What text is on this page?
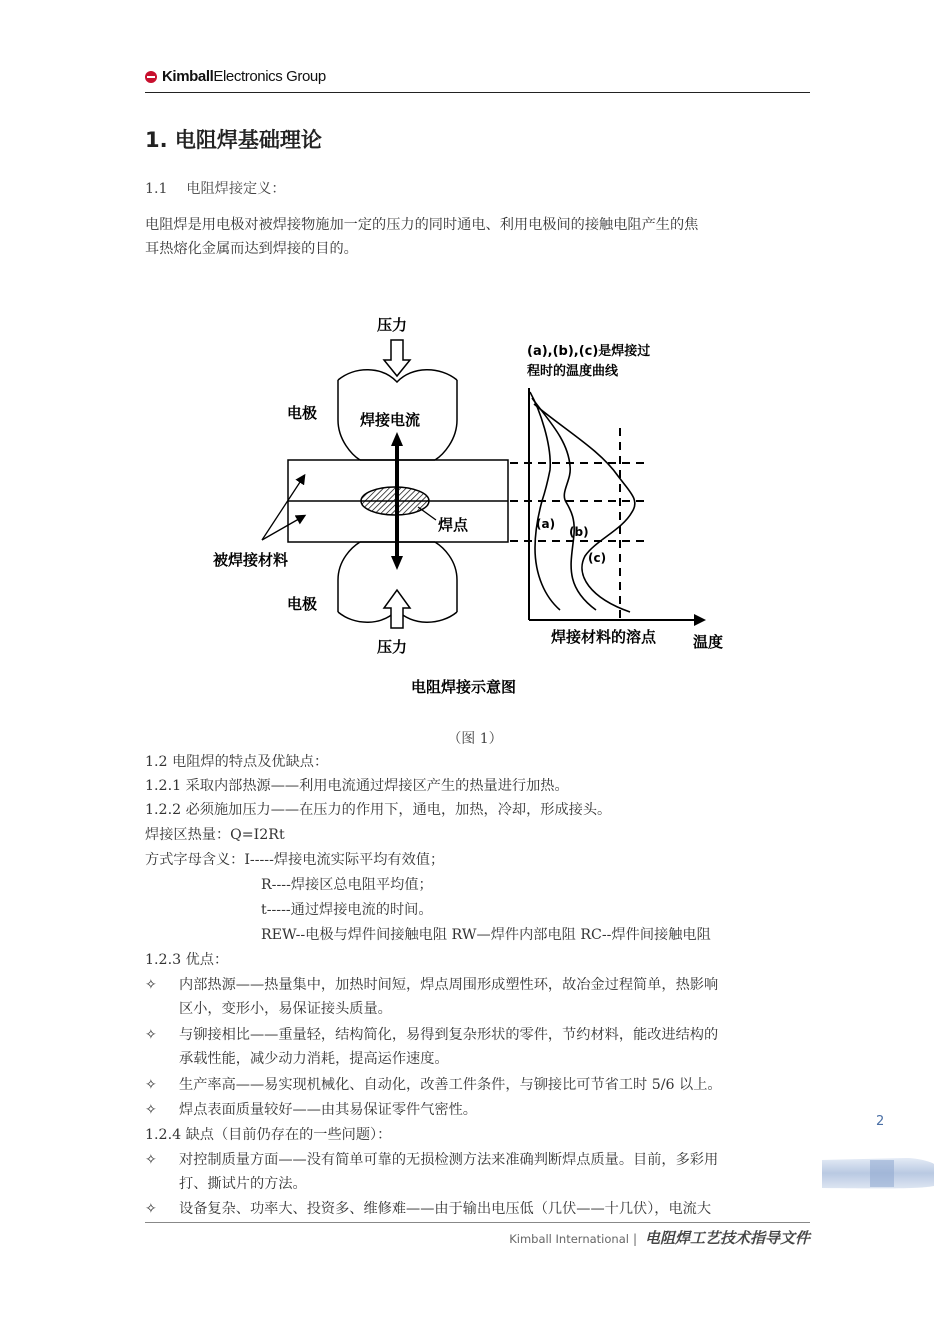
KimballElectronics Group
1. 电阻焊基础理论
1.1　 电阻焊接定义：
电阻焊是用电极对被焊接物施加一定的压力的同时通电、利用电极间的接触电阻产生的焦
耳热熔化金属而达到焊接的目的。
压力
电极	焊接电流
焊点
被焊接材料
电极
压力
(a),(b),(c)是焊接过
程时的温度曲线
(a)
(b)
(c)
焊接材料的溶点 温度
电阻焊接示意图
（图 1）
1.2 电阻焊的特点及优缺点：
1.2.1 采取内部热源——利用电流通过焊接区产生的热量进行加热。
1.2.2 必须施加压力——在压力的作用下，通电，加热，冷却，形成接头。
焊接区热量：Q=I2Rt
方式字母含义：I-----焊接电流实际平均有效值；
R----焊接区总电阻平均值；
t-----通过焊接电流的时间。
REW--电极与焊件间接触电阻 RW—焊件内部电阻 RC--焊件间接触电阻
1.2.3 优点：
✧	内部热源——热量集中，加热时间短，焊点周围形成塑性环，故冶金过程简单，热影响
区小，变形小，易保证接头质量。
✧	与铆接相比——重量轻，结构简化，易得到复杂形状的零件，节约材料，能改进结构的
承载性能，减少动力消耗，提高运作速度。
✧	生产率高——易实现机械化、自动化，改善工件条件，与铆接比可节省工时 5/6 以上。
✧	焊点表面质量较好——由其易保证零件气密性。
1.2.4 缺点（目前仍存在的一些问题）：
✧	对控制质量方面——没有简单可靠的无损检测方法来准确判断焊点质量。目前，多彩用
打、撕试片的方法。
✧	设备复杂、功率大、投资多、维修难——由于输出电压低（几伏——十几伏），电流大
2
Kimball International | 电阻焊工艺技术指导文件
